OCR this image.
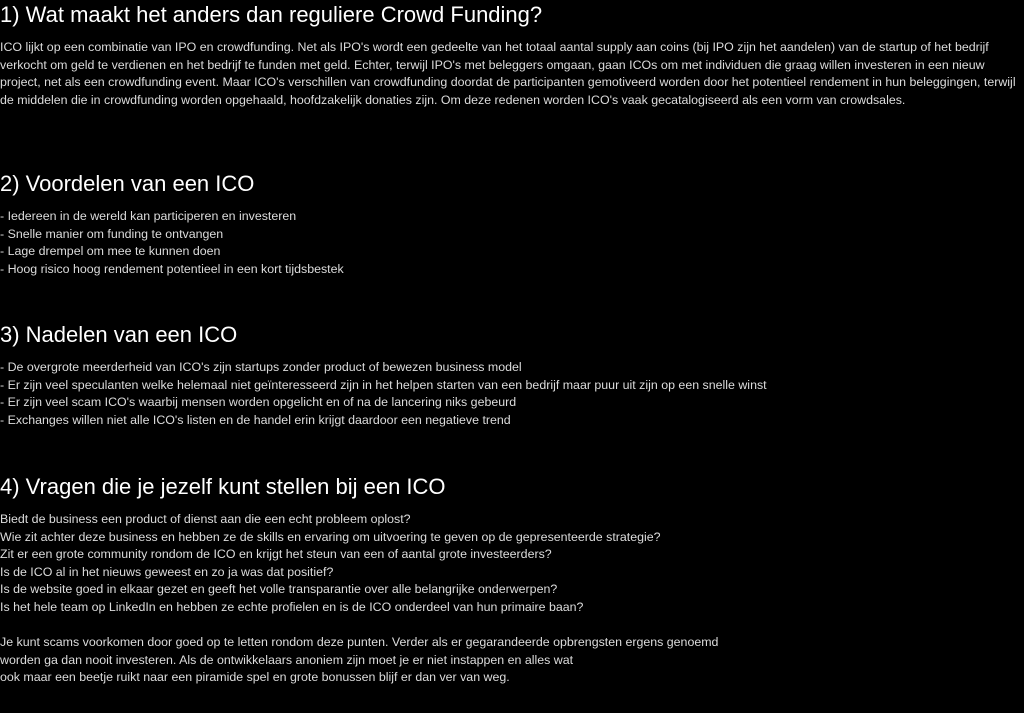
1) Wat maakt het anders dan reguliere Crowd Funding?

ICO lijkt op een combinatie van IPO en crowdfunding. Net als IPO's wordt een gedeelte van het totaal aantal supply aan coins (bij IPO zijn het aandelen) van de startup of het bedrijf verkocht om geld te verdienen en het bedrijf te funden met geld. Echter, terwijl IPO's met beleggers omgaan, gaan ICOs om met individuen die graag willen investeren in een nieuw project, net als een crowdfunding event. Maar ICO's verschillen van crowdfunding doordat de participanten gemotiveerd worden door het potentieel rendement in hun beleggingen, terwijl de middelen die in crowdfunding worden opgehaald, hoofdzakelijk donaties zijn. Om deze redenen worden ICO's vaak gecatalogiseerd als een vorm van crowdsales.

2) Voordelen van een ICO
- Iedereen in de wereld kan participeren en investeren
- Snelle manier om funding te ontvangen
- Lage drempel om mee te kunnen doen
- Hoog risico hoog rendement potentieel in een kort tijdsbestek
3) Nadelen van een ICO
- De overgrote meerderheid van ICO's zijn startups zonder product of bewezen business model
- Er zijn veel speculanten welke helemaal niet geïnteresseerd zijn in het helpen starten van een bedrijf maar puur uit zijn op een snelle winst
- Er zijn veel scam ICO's waarbij mensen worden opgelicht en of na de lancering niks gebeurd
- Exchanges willen niet alle ICO's listen en de handel erin krijgt daardoor een negatieve trend
4) Vragen die je jezelf kunt stellen bij een ICO
Biedt de business een product of dienst aan die een echt probleem oplost?
Wie zit achter deze business en hebben ze de skills en ervaring om uitvoering te geven op de gepresenteerde strategie?
Zit er een grote community rondom de ICO en krijgt het steun van een of aantal grote investeerders?
Is de ICO al in het nieuws geweest en zo ja was dat positief?
Is de website goed in elkaar gezet en geeft het volle transparantie over alle belangrijke onderwerpen?
Is het hele team op LinkedIn en hebben ze echte profielen en is de ICO onderdeel van hun primaire baan?
Je kunt scams voorkomen door goed op te letten rondom deze punten. Verder als er gegarandeerde opbrengsten ergens genoemd
worden ga dan nooit investeren. Als de ontwikkelaars anoniem zijn moet je er niet instappen en alles wat
ook maar een beetje ruikt naar een piramide spel en grote bonussen blijf er dan ver van weg.
